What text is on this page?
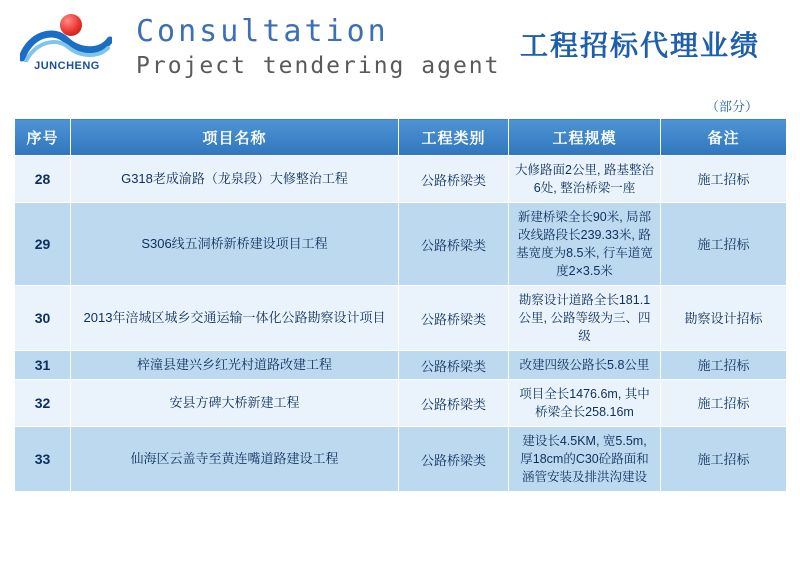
JUNCHENG
Consultation
Project tendering agent
工程招标代理业绩
（部分）
序号	项目名称	工程类别	工程规模	备注
28	G318老成渝路（龙泉段）大修整治工程	公路桥梁类	大修路面2公里, 路基整治6处, 整治桥梁一座	施工招标
29	S306线五洞桥新桥建设项目工程	公路桥梁类	新建桥梁全长90米, 局部改线路段长239.33米, 路基宽度为8.5米, 行车道宽度2×3.5米	施工招标
30	2013年涪城区城乡交通运输一体化公路勘察设计项目	公路桥梁类	勘察设计道路全长181.1公里, 公路等级为三、四级	勘察设计招标
31	梓潼县建兴乡红光村道路改建工程	公路桥梁类	改建四级公路长5.8公里	施工招标
32	安县方碑大桥新建工程	公路桥梁类	项目全长1476.6m, 其中桥梁全长258.16m	施工招标
33	仙海区云盖寺至黄连嘴道路建设工程	公路桥梁类	建设长4.5KM, 宽5.5m, 厚18cm的C30砼路面和涵管安装及排洪沟建设	施工招标
